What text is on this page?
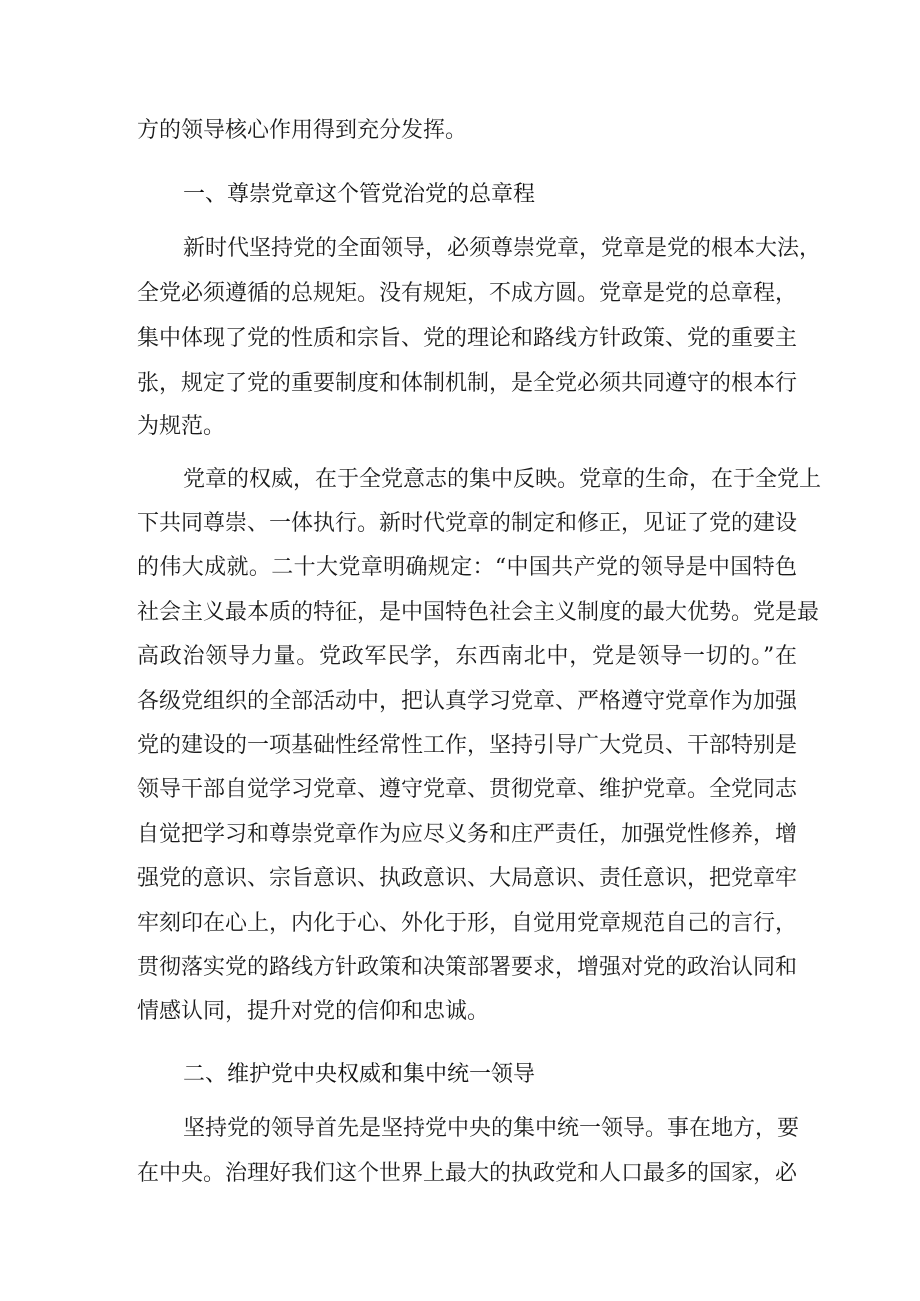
方的领导核心作用得到充分发挥。
一、尊崇党章这个管党治党的总章程
新时代坚持党的全面领导，必须尊崇党章，党章是党的根本大法，
全党必须遵循的总规矩。没有规矩，不成方圆。党章是党的总章程，
集中体现了党的性质和宗旨、党的理论和路线方针政策、党的重要主
张，规定了党的重要制度和体制机制，是全党必须共同遵守的根本行
为规范。
党章的权威，在于全党意志的集中反映。党章的生命，在于全党上
下共同尊崇、一体执行。新时代党章的制定和修正，见证了党的建设
的伟大成就。二十大党章明确规定：“中国共产党的领导是中国特色
社会主义最本质的特征，是中国特色社会主义制度的最大优势。党是最
高政治领导力量。党政军民学，东西南北中，党是领导一切的。”在
各级党组织的全部活动中，把认真学习党章、严格遵守党章作为加强
党的建设的一项基础性经常性工作，坚持引导广大党员、干部特别是
领导干部自觉学习党章、遵守党章、贯彻党章、维护党章。全党同志
自觉把学习和尊崇党章作为应尽义务和庄严责任，加强党性修养，增
强党的意识、宗旨意识、执政意识、大局意识、责任意识，把党章牢
牢刻印在心上，内化于心、外化于形，自觉用党章规范自己的言行，
贯彻落实党的路线方针政策和决策部署要求，增强对党的政治认同和
情感认同，提升对党的信仰和忠诚。
二、维护党中央权威和集中统一领导
坚持党的领导首先是坚持党中央的集中统一领导。事在地方，要
在中央。治理好我们这个世界上最大的执政党和人口最多的国家，必
